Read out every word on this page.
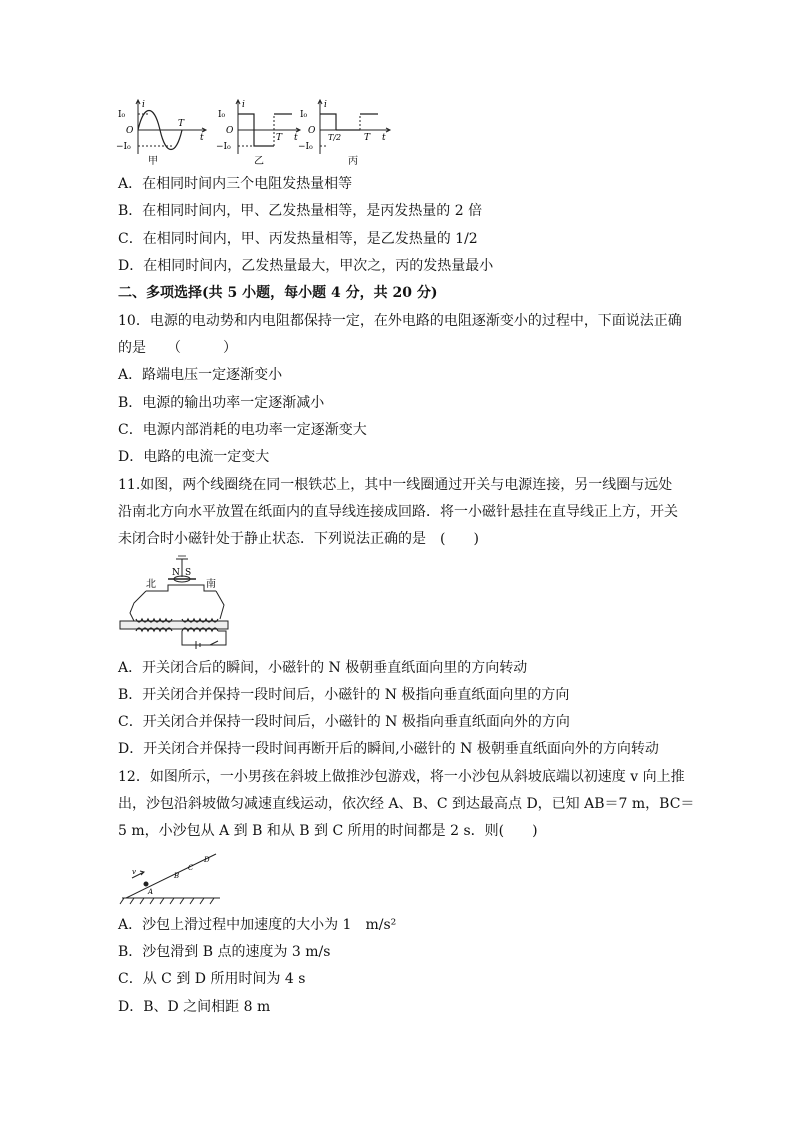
I₀
i
O
−I₀
T
t
甲
I₀
i
O
−I₀
T t
乙
I₀
i
O
−I₀
T/2	T t
丙
A．在相同时间内三个电阻发热量相等
B．在相同时间内，甲、乙发热量相等，是丙发热量的 2 倍
C．在相同时间内，甲、丙发热量相等，是乙发热量的 1/2
D．在相同时间内，乙发热量最大，甲次之，丙的发热量最小
二、多项选择(共 5 小题，每小题 4 分，共 20 分)
10．电源的电动势和内电阻都保持一定，在外电路的电阻逐渐变小的过程中，下面说法正确
的是　　（　　　）
A．路端电压一定逐渐变小
B．电源的输出功率一定逐渐减小
C．电源内部消耗的电功率一定逐渐变大
D．电路的电流一定变大
11.如图，两个线圈绕在同一根铁芯上，其中一线圈通过开关与电源连接，另一线圈与远处
沿南北方向水平放置在纸面内的直导线连接成回路．将一小磁针悬挂在直导线正上方，开关
未闭合时小磁针处于静止状态．下列说法正确的是　(　　)
N S
北	南
A．开关闭合后的瞬间，小磁针的 N 极朝垂直纸面向里的方向转动
B．开关闭合并保持一段时间后，小磁针的 N 极指向垂直纸面向里的方向
C．开关闭合并保持一段时间后，小磁针的 N 极指向垂直纸面向外的方向
D．开关闭合并保持一段时间再断开后的瞬间,小磁针的 N 极朝垂直纸面向外的方向转动
12．如图所示，一小男孩在斜坡上做推沙包游戏，将一小沙包从斜坡底端以初速度 v 向上推
出，沙包沿斜坡做匀减速直线运动，依次经 A、B、C 到达最高点 D，已知 AB＝7 m，BC＝
5 m，小沙包从 A 到 B 和从 B 到 C 所用的时间都是 2 s．则(　　)
v
A
B
C
D
A．沙包上滑过程中加速度的大小为 1　m/s²
B．沙包滑到 B 点的速度为 3 m/s
C．从 C 到 D 所用时间为 4 s
D．B、D 之间相距 8 m
